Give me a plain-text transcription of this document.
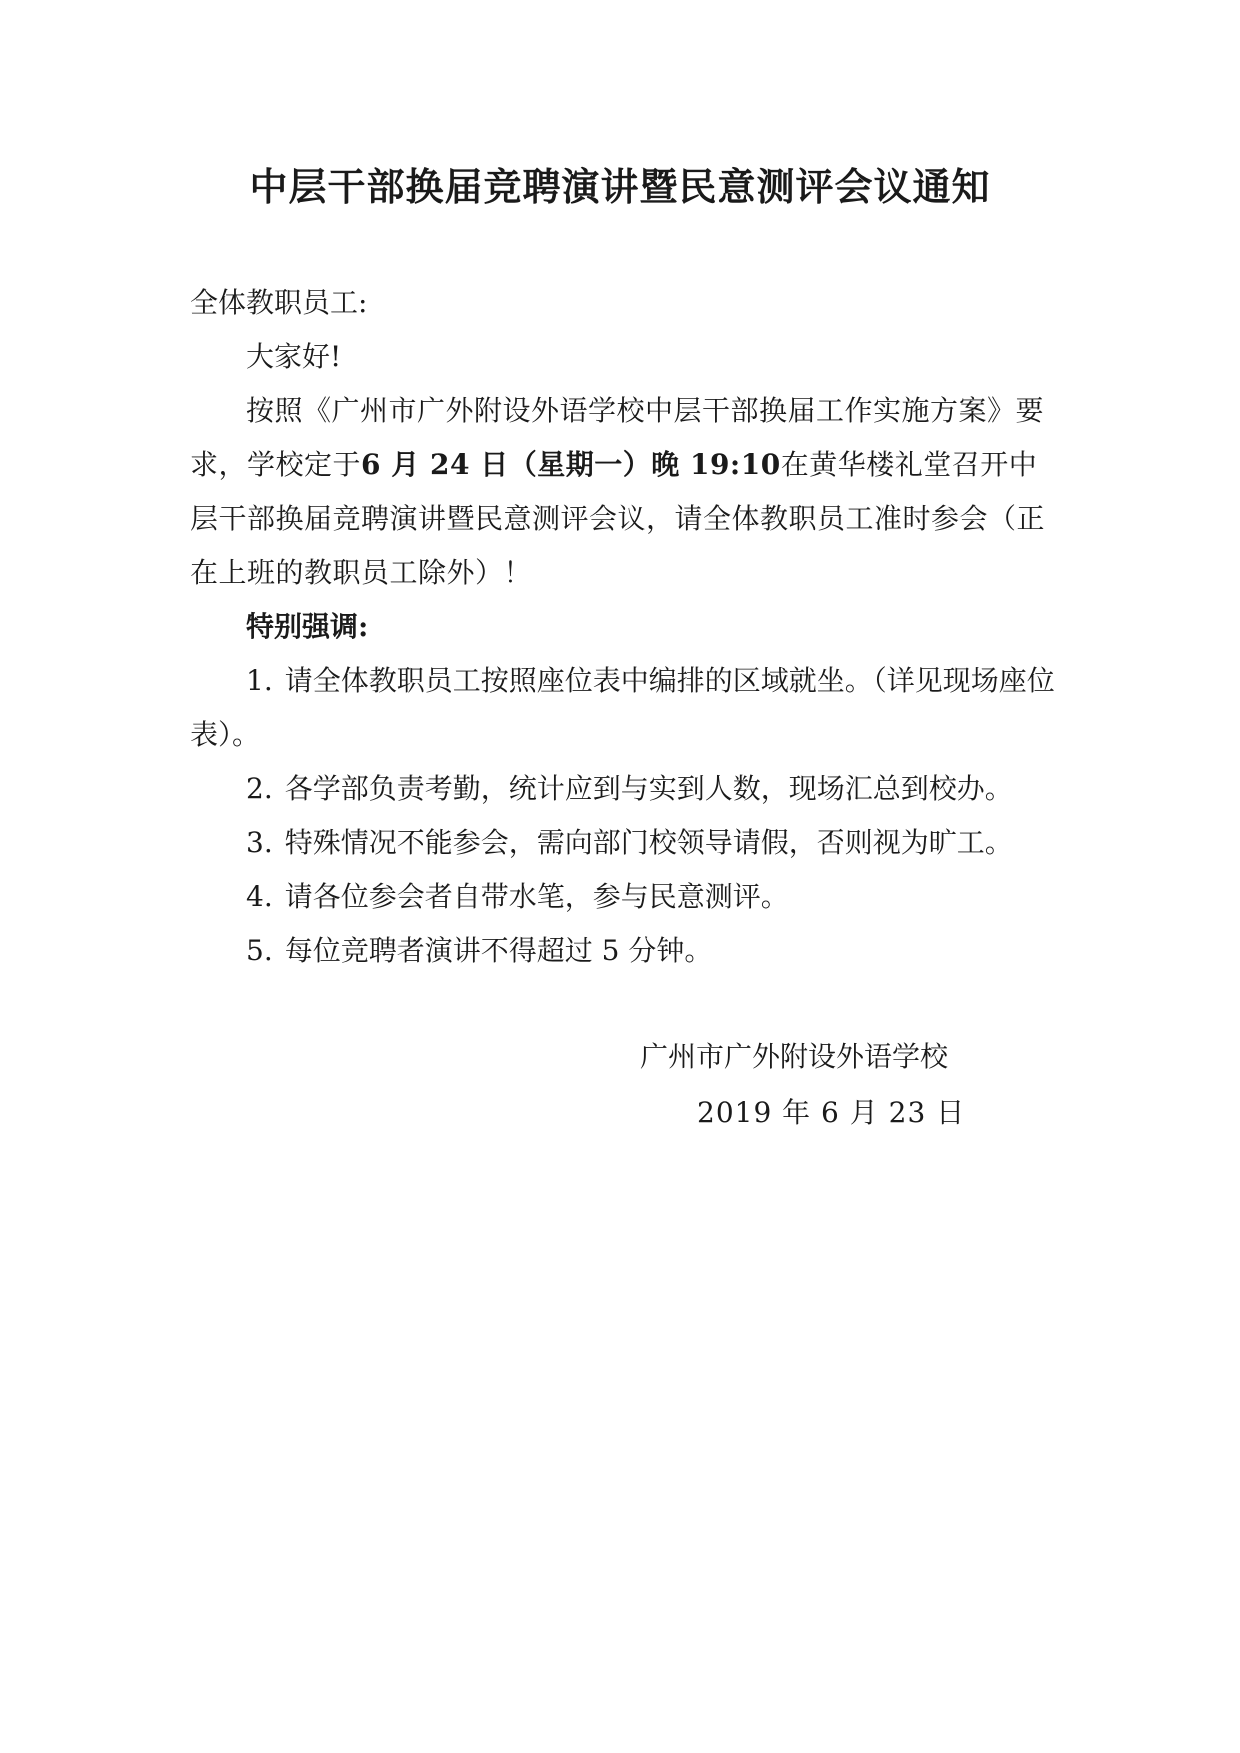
中层干部换届竞聘演讲暨民意测评会议通知
全体教职员工:
大家好!
按照《广州市广外附设外语学校中层干部换届工作实施方案》要求，学校定于6 月 24 日（星期一）晚 19:10在黄华楼礼堂召开中层干部换届竞聘演讲暨民意测评会议，请全体教职员工准时参会（正在上班的教职员工除外）！
特别强调:
1. 请全体教职员工按照座位表中编排的区域就坐。（详见现场座位表）。
2. 各学部负责考勤，统计应到与实到人数，现场汇总到校办。
3. 特殊情况不能参会，需向部门校领导请假，否则视为旷工。
4. 请各位参会者自带水笔，参与民意测评。
5. 每位竞聘者演讲不得超过 5 分钟。
广州市广外附设外语学校
2019 年 6 月 23 日
